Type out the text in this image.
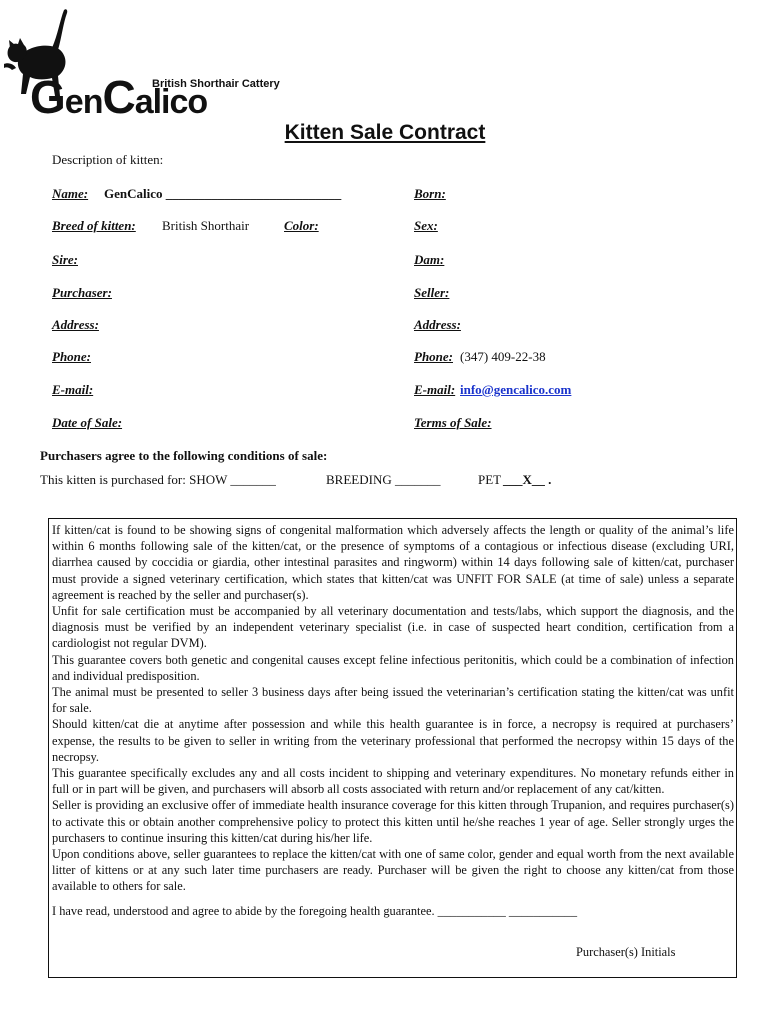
GenCalico
British Shorthair Cattery
Kitten Sale Contract
Description of kitten:
Name: GenCalico ___________________________	Born:
Breed of kitten: British Shorthair	Color:	Sex:
Sire:	Dam:
Purchaser:	Seller:
Address:	Address:
Phone:	Phone: (347) 409-22-38
E-mail:	E-mail: info@gencalico.com
Date of Sale:	Terms of Sale:
Purchasers agree to the following conditions of sale:
This kitten is purchased for: SHOW _______	BREEDING _______	PET ___X__ .

If kitten/cat is found to be showing signs of congenital malformation which adversely affects the length or quality of the animal’s life within 6 months following sale of the kitten/cat, or the presence of symptoms of a contagious or infectious disease (excluding URI, diarrhea caused by coccidia or giardia, other intestinal parasites and ringworm) within 14 days following sale of kitten/cat, purchaser must provide a signed veterinary certification, which states that kitten/cat was UNFIT FOR SALE (at time of sale) unless a separate agreement is reached by the seller and purchaser(s).

Unfit for sale certification must be accompanied by all veterinary documentation and tests/labs, which support the diagnosis, and the diagnosis must be verified by an independent veterinary specialist (i.e. in case of suspected heart condition, certification from a cardiologist not regular DVM).

This guarantee covers both genetic and congenital causes except feline infectious peritonitis, which could be a combination of infection and individual predisposition.

The animal must be presented to seller 3 business days after being issued the veterinarian’s certification stating the kitten/cat was unfit for sale.

Should kitten/cat die at anytime after possession and while this health guarantee is in force, a necropsy is required at purchasers’ expense, the results to be given to seller in writing from the veterinary professional that performed the necropsy within 15 days of the necropsy.

This guarantee specifically excludes any and all costs incident to shipping and veterinary expenditures. No monetary refunds either in full or in part will be given, and purchasers will absorb all costs associated with return and/or replacement of any cat/kitten.

Seller is providing an exclusive offer of immediate health insurance coverage for this kitten through Trupanion, and requires purchaser(s) to activate this or obtain another comprehensive policy to protect this kitten until he/she reaches 1 year of age. Seller strongly urges the purchasers to continue insuring this kitten/cat during his/her life.

Upon conditions above, seller guarantees to replace the kitten/cat with one of same color, gender and equal worth from the next available litter of kittens or at any such later time purchasers are ready. Purchaser will be given the right to choose any kitten/cat from those available to others for sale.

I have read, understood and agree to abide by the foregoing health guarantee. ___________ ___________

Purchaser(s) Initials
